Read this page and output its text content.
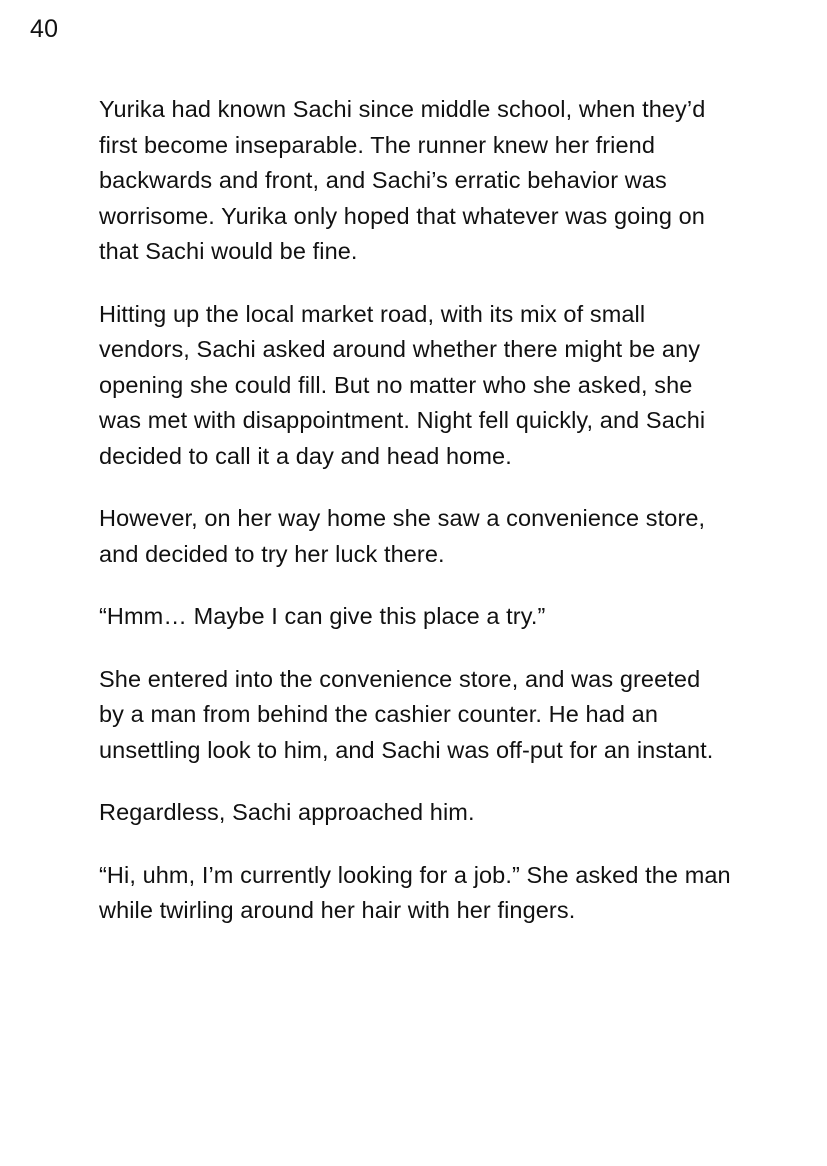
40

Yurika had known Sachi since middle school, when they’d first become inseparable. The runner knew her friend backwards and front, and Sachi’s erratic behavior was worrisome. Yurika only hoped that whatever was going on that Sachi would be fine.

Hitting up the local market road, with its mix of small vendors, Sachi asked around whether there might be any opening she could fill. But no matter who she asked, she was met with disappointment. Night fell quickly, and Sachi decided to call it a day and head home.

However, on her way home she saw a convenience store, and decided to try her luck there.

“Hmm… Maybe I can give this place a try.”

She entered into the convenience store, and was greeted by a man from behind the cashier counter. He had an unsettling look to him, and Sachi was off-put for an instant.

Regardless, Sachi approached him.

“Hi, uhm, I’m currently looking for a job.” She asked the man while twirling around her hair with her fingers.
